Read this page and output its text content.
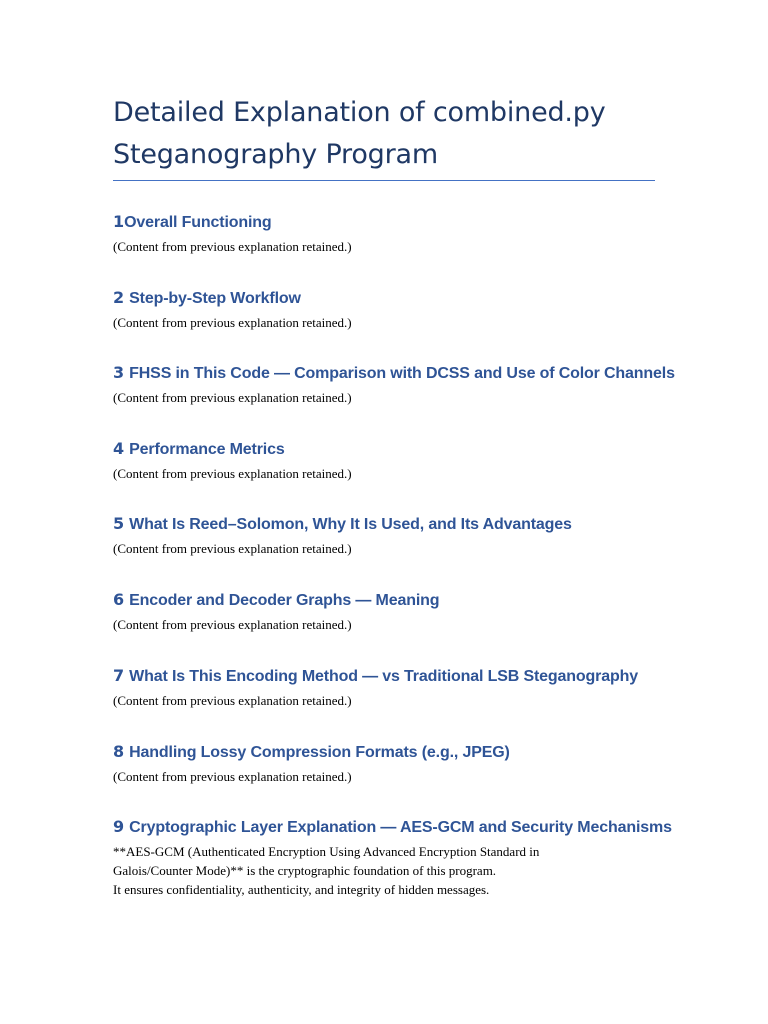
Detailed Explanation of combined.py
Steganography Program
1 Overall Functioning

(Content from previous explanation retained.)

2 Step-by-Step Workflow

(Content from previous explanation retained.)

3 FHSS in This Code — Comparison with DCSS and Use of Color Channels

(Content from previous explanation retained.)

4 Performance Metrics

(Content from previous explanation retained.)

5 What Is Reed–Solomon, Why It Is Used, and Its Advantages

(Content from previous explanation retained.)

6 Encoder and Decoder Graphs — Meaning

(Content from previous explanation retained.)

7 What Is This Encoding Method — vs Traditional LSB Steganography

(Content from previous explanation retained.)

8 Handling Lossy Compression Formats (e.g., JPEG)

(Content from previous explanation retained.)

9 Cryptographic Layer Explanation — AES-GCM and Security Mechanisms

**AES-GCM (Authenticated Encryption Using Advanced Encryption Standard in
Galois/Counter Mode)** is the cryptographic foundation of this program.
It ensures confidentiality, authenticity, and integrity of hidden messages.
